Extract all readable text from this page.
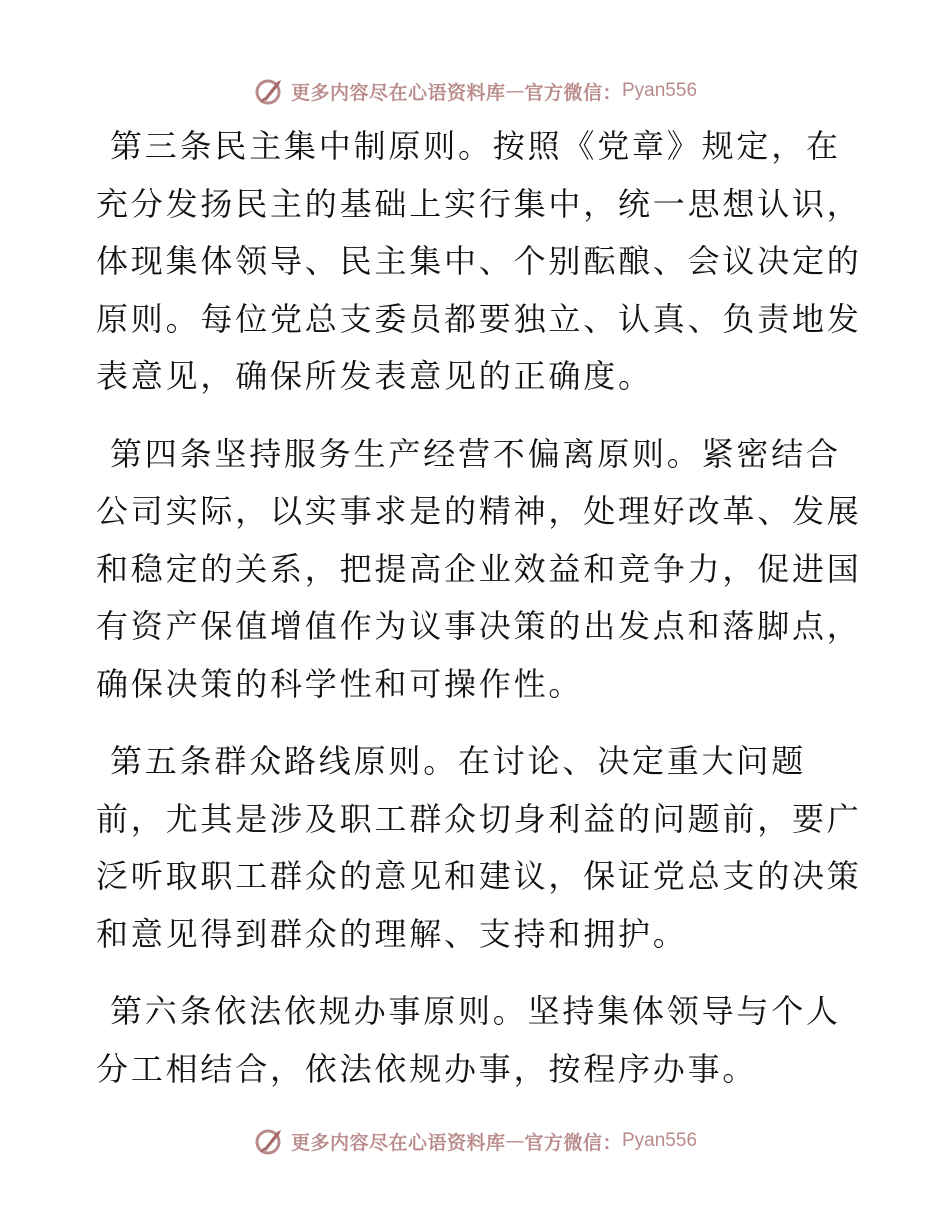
更多内容尽在心语资料库 — 官方微信： Pyan556

第三条民主集中制原则。按照《党章》规定，在
充分发扬民主的基础上实行集中，统一思想认识，
体现集体领导、民主集中、个别酝酿、会议决定的
原则。每位党总支委员都要独立、认真、负责地发
表意见，确保所发表意见的正确度。

第四条坚持服务生产经营不偏离原则。紧密结合
公司实际，以实事求是的精神，处理好改革、发展
和稳定的关系，把提高企业效益和竞争力，促进国
有资产保值增值作为议事决策的出发点和落脚点，
确保决策的科学性和可操作性。

第五条群众路线原则。在讨论、决定重大问题
前，尤其是涉及职工群众切身利益的问题前，要广
泛听取职工群众的意见和建议，保证党总支的决策
和意见得到群众的理解、支持和拥护。

第六条依法依规办事原则。坚持集体领导与个人
分工相结合，依法依规办事，按程序办事。

更多内容尽在心语资料库 — 官方微信： Pyan556
